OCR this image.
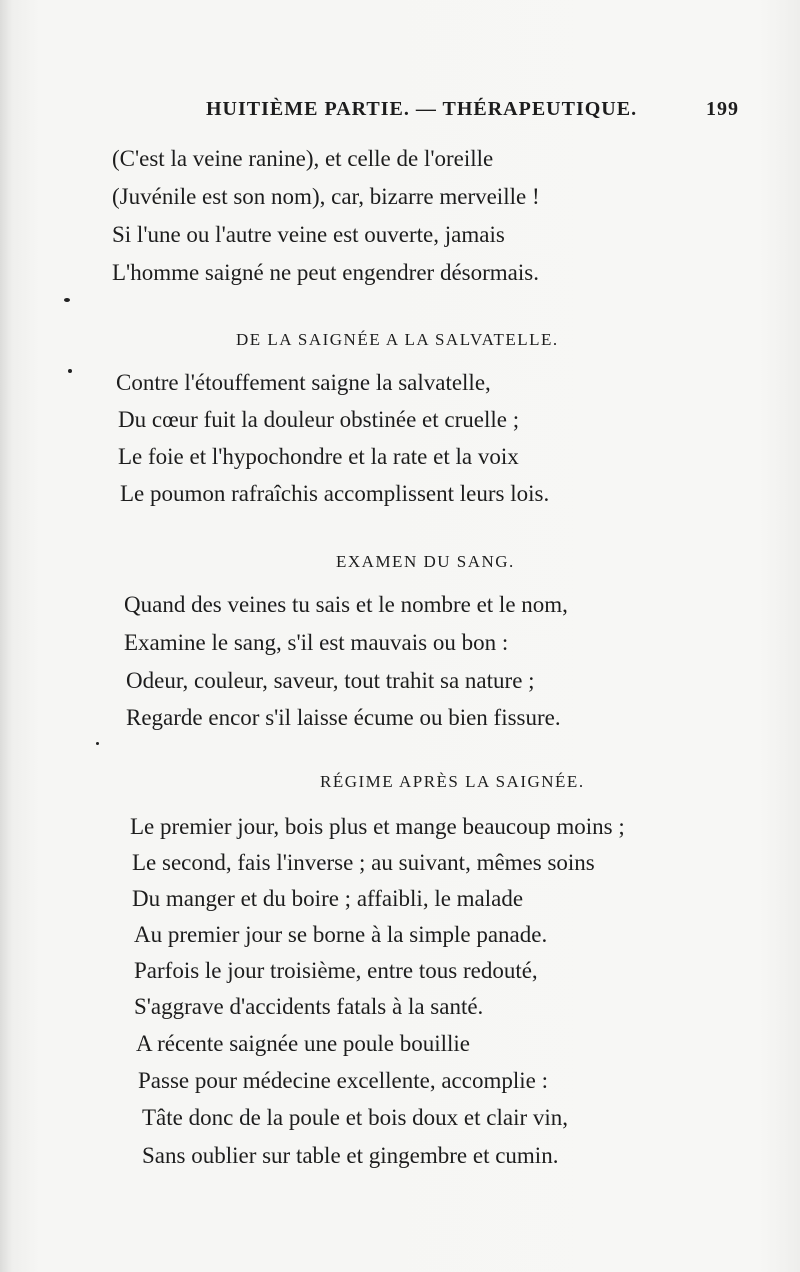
HUITIÈME PARTIE. — THÉRAPEUTIQUE.	199
(C'est la veine ranine), et celle de l'oreille
(Juvénile est son nom), car, bizarre merveille !
Si l'une ou l'autre veine est ouverte, jamais
L'homme saigné ne peut engendrer désormais.
DE LA SAIGNÉE A LA SALVATELLE.
Contre l'étouffement saigne la salvatelle,
Du cœur fuit la douleur obstinée et cruelle ;
Le foie et l'hypochondre et la rate et la voix
Le poumon rafraîchis accomplissent leurs lois.
EXAMEN DU SANG.
Quand des veines tu sais et le nombre et le nom,
Examine le sang, s'il est mauvais ou bon :
Odeur, couleur, saveur, tout trahit sa nature ;
Regarde encor s'il laisse écume ou bien fissure.
RÉGIME APRÈS LA SAIGNÉE.
Le premier jour, bois plus et mange beaucoup moins ;
Le second, fais l'inverse ; au suivant, mêmes soins
Du manger et du boire ; affaibli, le malade
Au premier jour se borne à la simple panade.
Parfois le jour troisième, entre tous redouté,
S'aggrave d'accidents fatals à la santé.
A récente saignée une poule bouillie
Passe pour médecine excellente, accomplie :
Tâte donc de la poule et bois doux et clair vin,
Sans oublier sur table et gingembre et cumin.
